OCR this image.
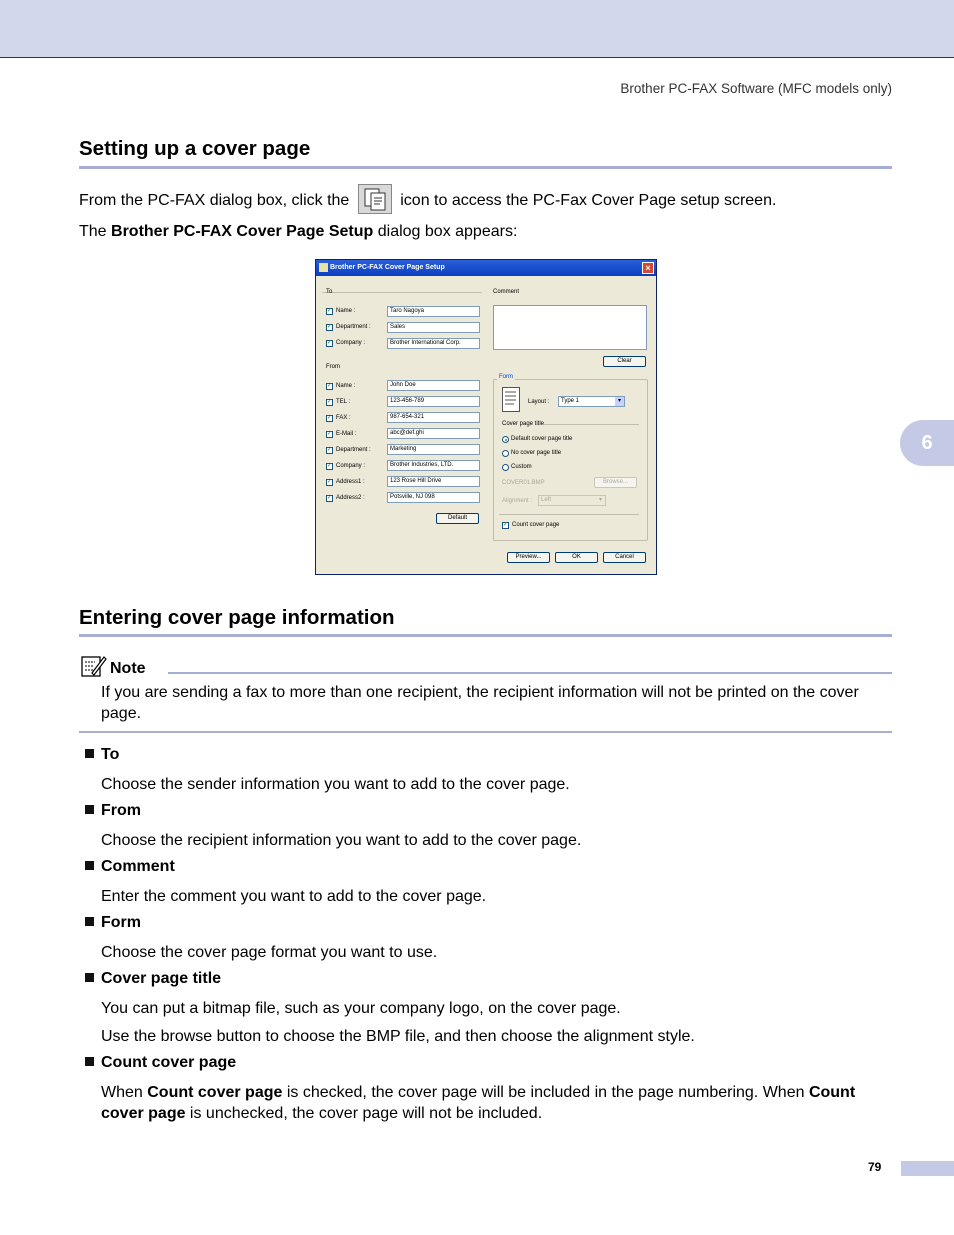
Brother PC-FAX Software (MFC models only)
Setting up a cover page
From the PC-FAX dialog box, click the	icon to access the PC-Fax Cover Page setup screen.
The Brother PC-FAX Cover Page Setup dialog box appears:
Brother PC-FAX Cover Page Setup	×
To
✓ Name :	Taro Nagoya
✓ Department :	Sales
✓ Company :	Brother International Corp.
From
✓ Name :	John Doe
✓ TEL :	123-456-789
✓ FAX :	987-654-321
✓ E-Mail :	abc@def.ghi
✓ Department :	Marketing
✓ Company :	Brother Industries, LTD.
✓ Address1 :	123 Rose Hill Drive
✓ Address2 :	Potsville, NJ 098
Default
Comment
Clear
Form
Layout :	Type 1	▾
Cover page title
Default cover page title
No cover page title
Custom
COVER01.BMP	Browse...
Alignment :	Left	▾
✓ Count cover page
Preview...	OK	Cancel
Entering cover page information
Note
If you are sending a fax to more than one recipient, the recipient information will not be printed on the cover page.
To
Choose the sender information you want to add to the cover page.
From
Choose the recipient information you want to add to the cover page.
Comment
Enter the comment you want to add to the cover page.
Form
Choose the cover page format you want to use.
Cover page title
You can put a bitmap file, such as your company logo, on the cover page.
Use the browse button to choose the BMP file, and then choose the alignment style.
Count cover page
When Count cover page is checked, the cover page will be included in the page numbering. When Count cover page is unchecked, the cover page will not be included.
6
79
